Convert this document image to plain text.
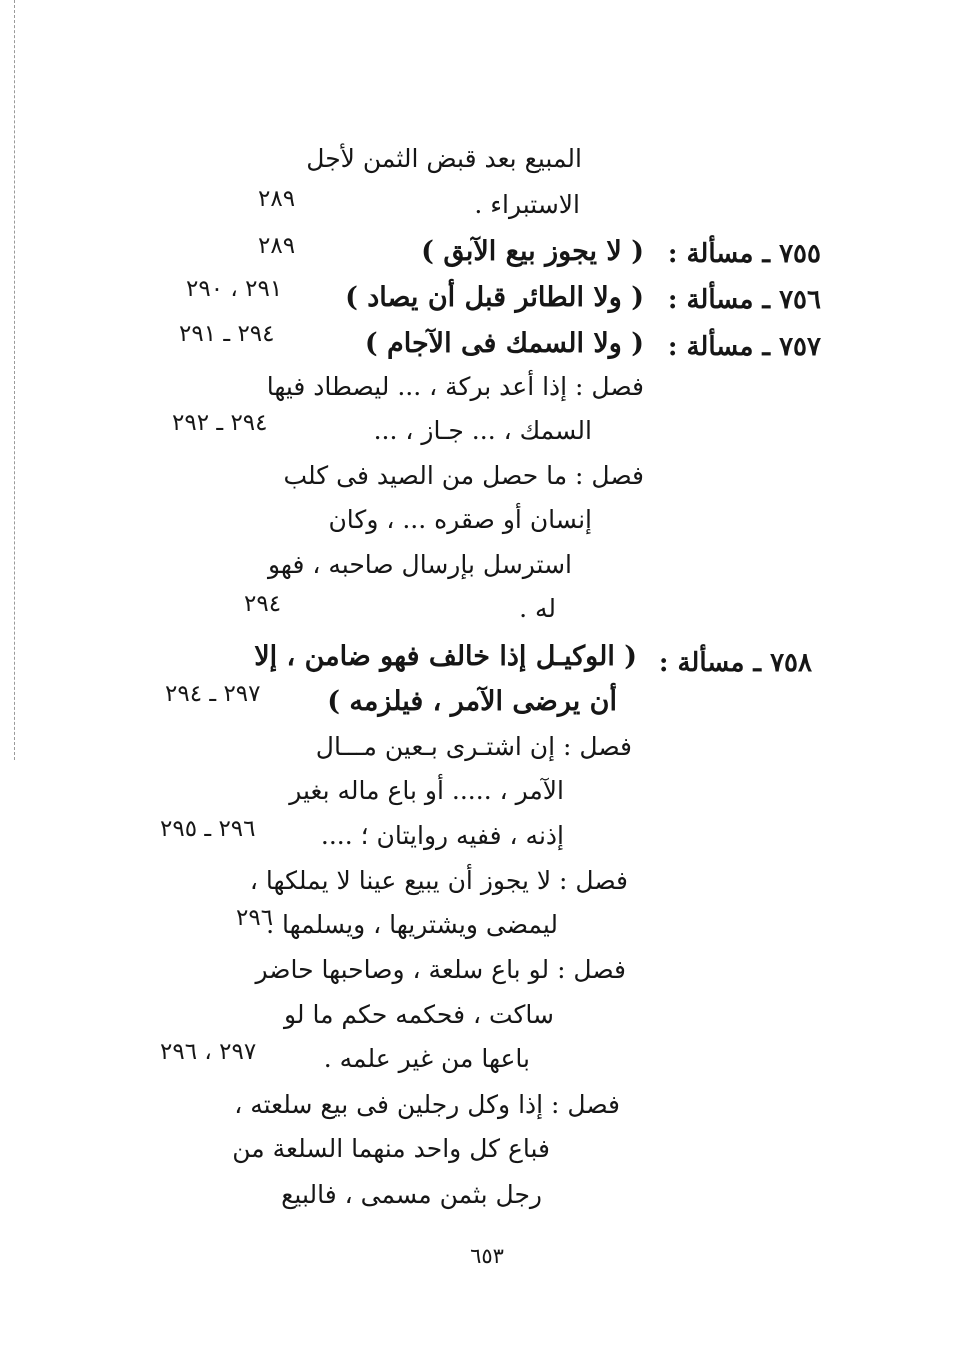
المبيع بعد قبض الثمن لأجل
الاستبراء .
٧٥٥ ـ مسألة :
( لا يجوز بيع الآبق )
٧٥٦ ـ مسألة :
( ولا الطائر قبل أن يصاد )
٧٥٧ ـ مسألة :
( ولا السمك فى الآجام )
فصل : إذا أعد بركة ، ... ليصطاد فيها
السمك ، ... جـاز ، ...
فصل : ما حصل من الصيد فى كلب
إنسان أو صقره ... ، وكان
استرسل بإرسال صاحبه ، فهو
له .
٧٥٨ ـ مسألة :
( الوكيـل إذا خالف فهو ضامن ، إلا
أن يرضى الآمر ، فيلزمه )
فصل : إن اشتـرى بـعين مـــال
الآمر ، ..... أو باع ماله بغير
إذنه ، ففيه روايتان ؛ ....
فصل : لا يجوز أن يبيع عينا لا يملكها ،
ليمضى ويشتريها ، ويسلمها .
فصل : لو باع سلعة ، وصاحبها حاضر
ساكت ، فحكمه حكم ما لو
باعها من غير علمه .
فصل : إذا وكل رجلين فى بيع سلعته ،
فباع كل واحد منهما السلعة من
رجل بثمن مسمى ، فالبيع
٢٨٩
٢٨٩
٢٩١ ، ٢٩٠
٢٩٤ ـ ٢٩١
٢٩٤ ـ ٢٩٢
٢٩٤
٢٩٧ ـ ٢٩٤
٢٩٦ ـ ٢٩٥
٢٩٦
٢٩٧ ، ٢٩٦
٦٥٣
